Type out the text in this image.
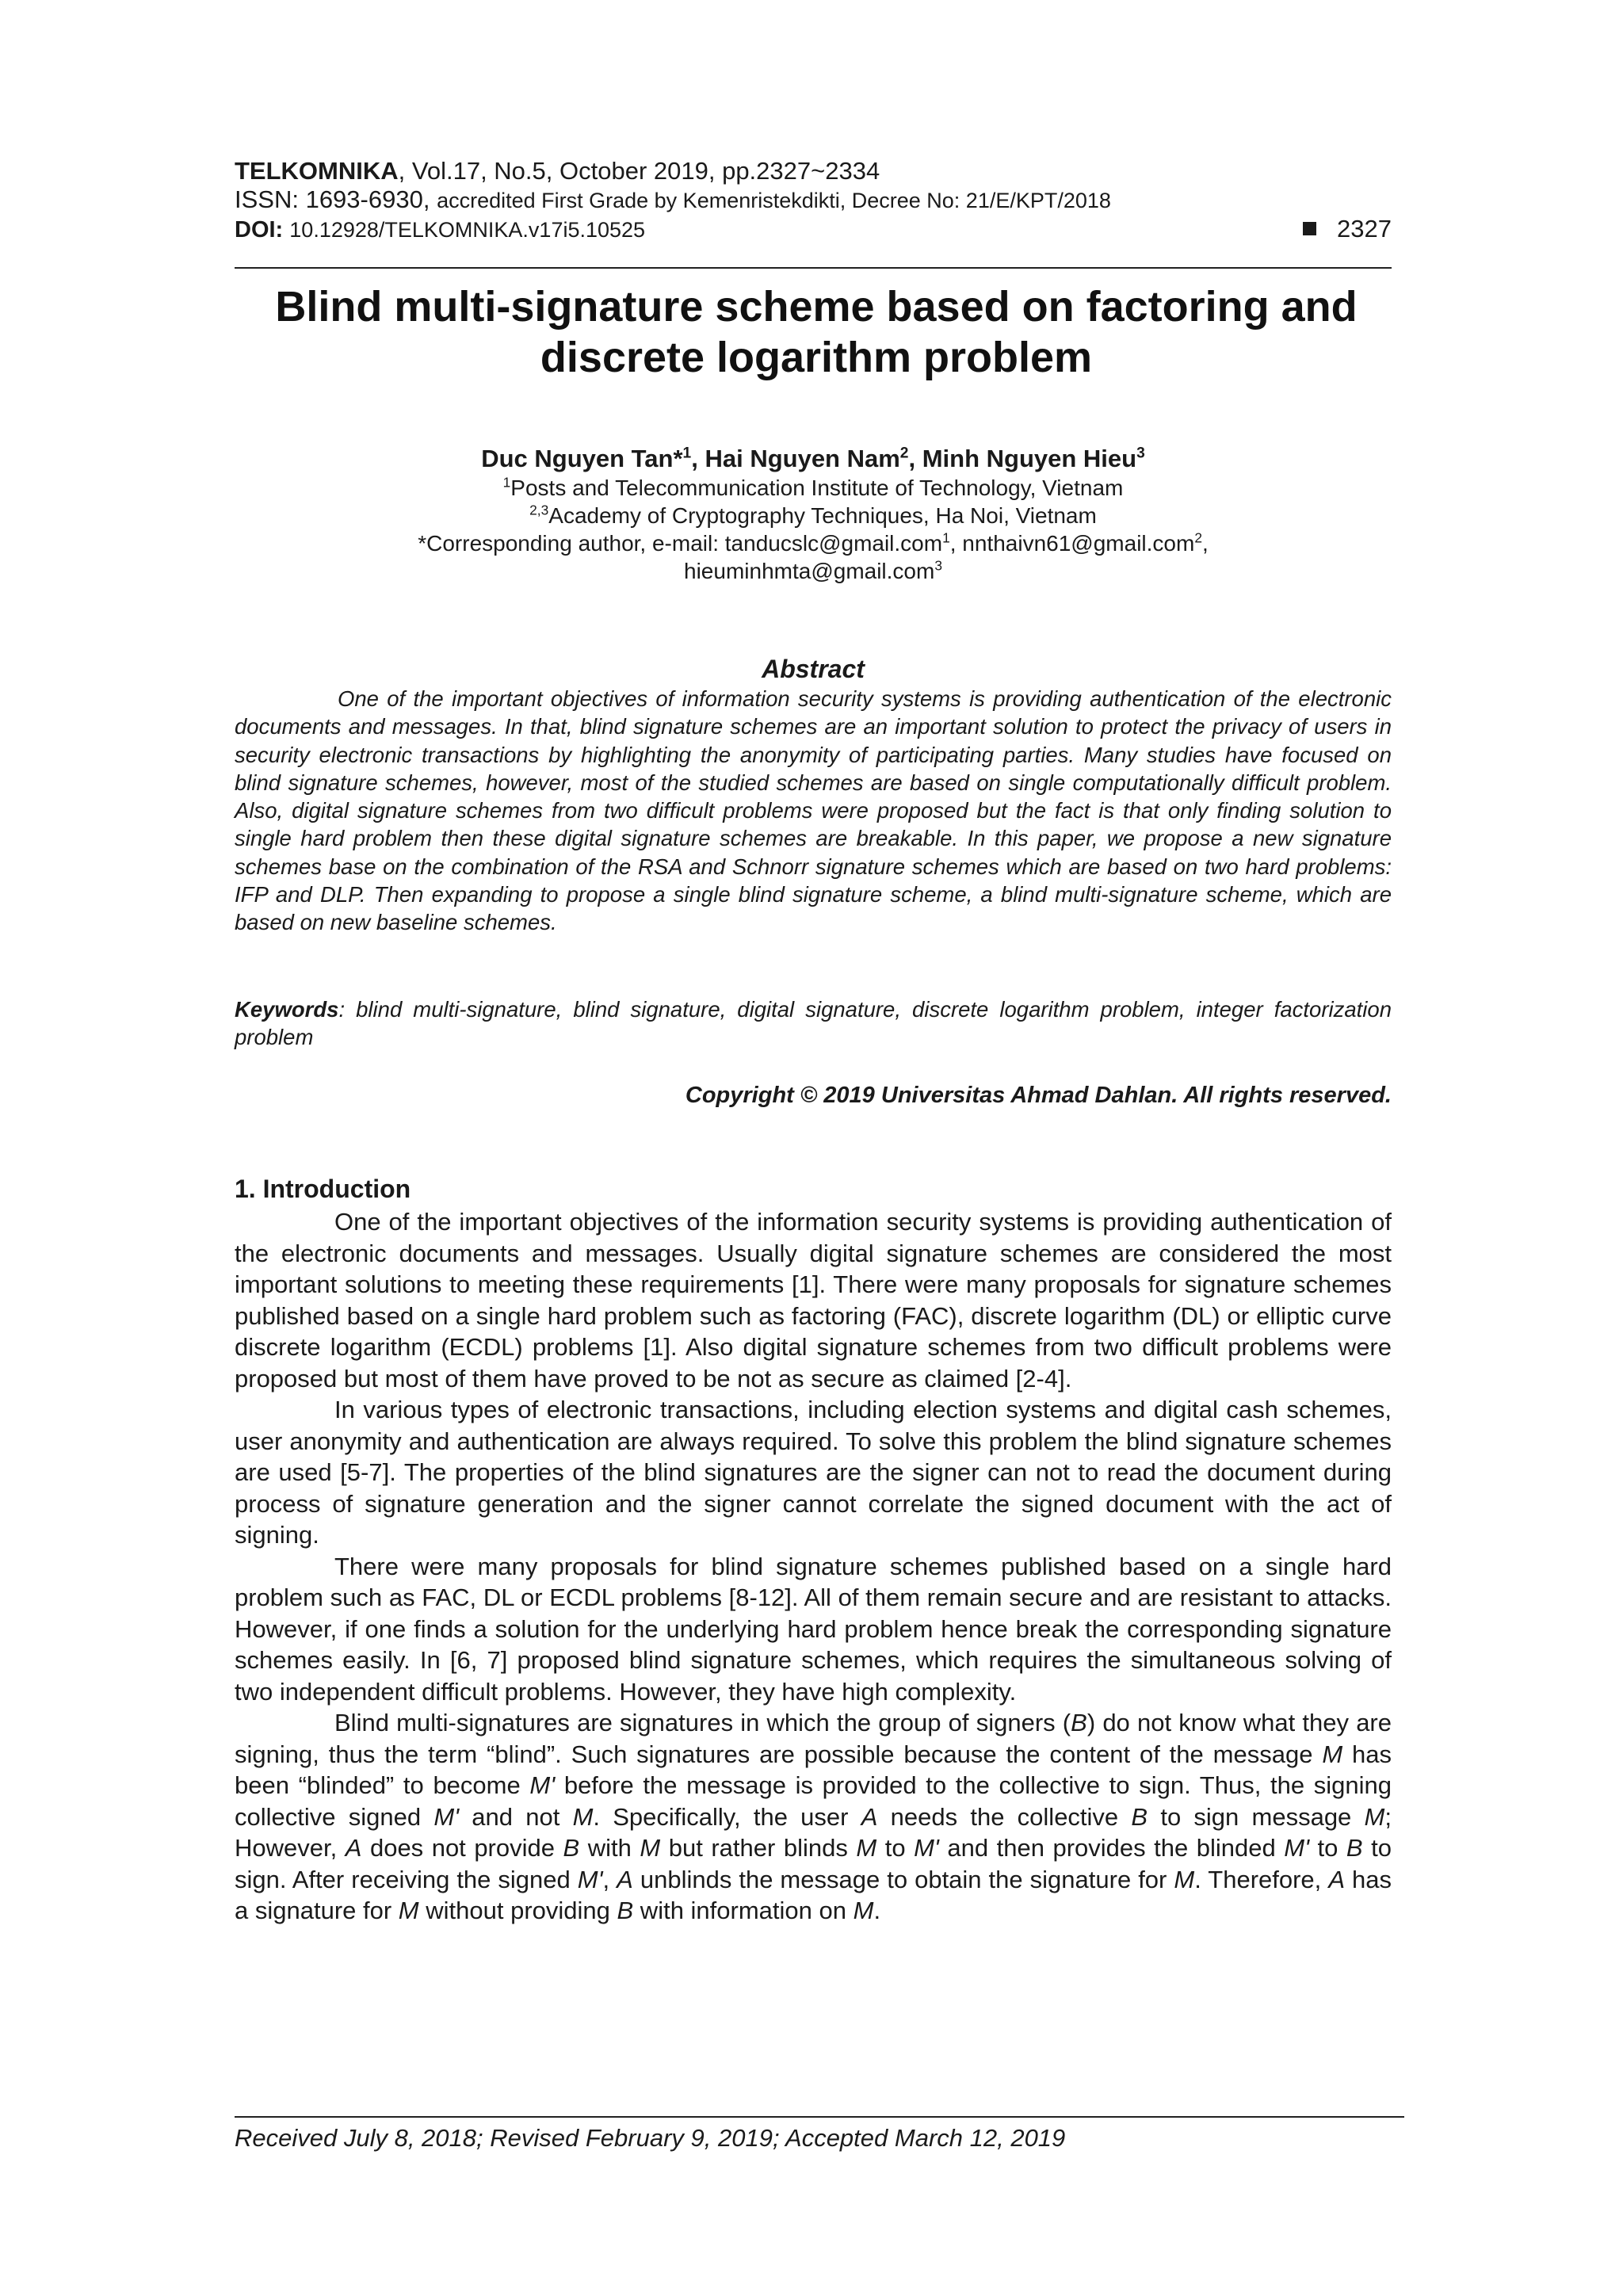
TELKOMNIKA, Vol.17, No.5, October 2019, pp.2327~2334
ISSN: 1693-6930, accredited First Grade by Kemenristekdikti, Decree No: 21/E/KPT/2018
DOI: 10.12928/TELKOMNIKA.v17i5.10525	2327
Blind multi-signature scheme based on factoring and
discrete logarithm problem
Duc Nguyen Tan*$^1$, Hai Nguyen Nam$^2$, Minh Nguyen Hieu$^3$
$^1$Posts and Telecommunication Institute of Technology, Vietnam
$^{2,3}$Academy of Cryptography Techniques, Ha Noi, Vietnam
*Corresponding author, e-mail: tanducslc@gmail.com$^1$, nnthaivn61@gmail.com$^2$,
hieuminhmta@gmail.com$^3$
Abstract
One of the important objectives of information security systems is providing authentication of the electronic documents and messages. In that, blind signature schemes are an important solution to protect the privacy of users in security electronic transactions by highlighting the anonymity of participating parties. Many studies have focused on blind signature schemes, however, most of the studied schemes are based on single computationally difficult problem. Also, digital signature schemes from two difficult problems were proposed but the fact is that only finding solution to single hard problem then these digital signature schemes are breakable. In this paper, we propose a new signature schemes base on the combination of the RSA and Schnorr signature schemes which are based on two hard problems: IFP and DLP. Then expanding to propose a single blind signature scheme, a blind multi-signature scheme, which are based on new baseline schemes.
Keywords: blind multi-signature, blind signature, digital signature, discrete logarithm problem, integer factorization problem
Copyright © 2019 Universitas Ahmad Dahlan. All rights reserved.
1. Introduction

One of the important objectives of the information security systems is providing authentication of the electronic documents and messages. Usually digital signature schemes are considered the most important solutions to meeting these requirements [1]. There were many proposals for signature schemes published based on a single hard problem such as factoring (FAC), discrete logarithm (DL) or elliptic curve discrete logarithm (ECDL) problems [1]. Also digital signature schemes from two difficult problems were proposed but most of them have proved to be not as secure as claimed [2-4].

In various types of electronic transactions, including election systems and digital cash schemes, user anonymity and authentication are always required. To solve this problem the blind signature schemes are used [5-7]. The properties of the blind signatures are the signer can not to read the document during process of signature generation and the signer cannot correlate the signed document with the act of signing.

There were many proposals for blind signature schemes published based on a single hard problem such as FAC, DL or ECDL problems [8-12]. All of them remain secure and are resistant to attacks. However, if one finds a solution for the underlying hard problem hence break the corresponding signature schemes easily. In [6, 7] proposed blind signature schemes, which requires the simultaneous solving of two independent difficult problems. However, they have high complexity.

Blind multi-signatures are signatures in which the group of signers (B) do not know what they are signing, thus the term “blind”. Such signatures are possible because the content of the message M has been “blinded” to become M' before the message is provided to the collective to sign. Thus, the signing collective signed M' and not M. Specifically, the user A needs the collective B to sign message M; However, A does not provide B with M but rather blinds M to M' and then provides the blinded M' to B to sign. After receiving the signed M', A unblinds the message to obtain the signature for M. Therefore, A has a signature for M without providing B with information on M.

Received July 8, 2018; Revised February 9, 2019; Accepted March 12, 2019
